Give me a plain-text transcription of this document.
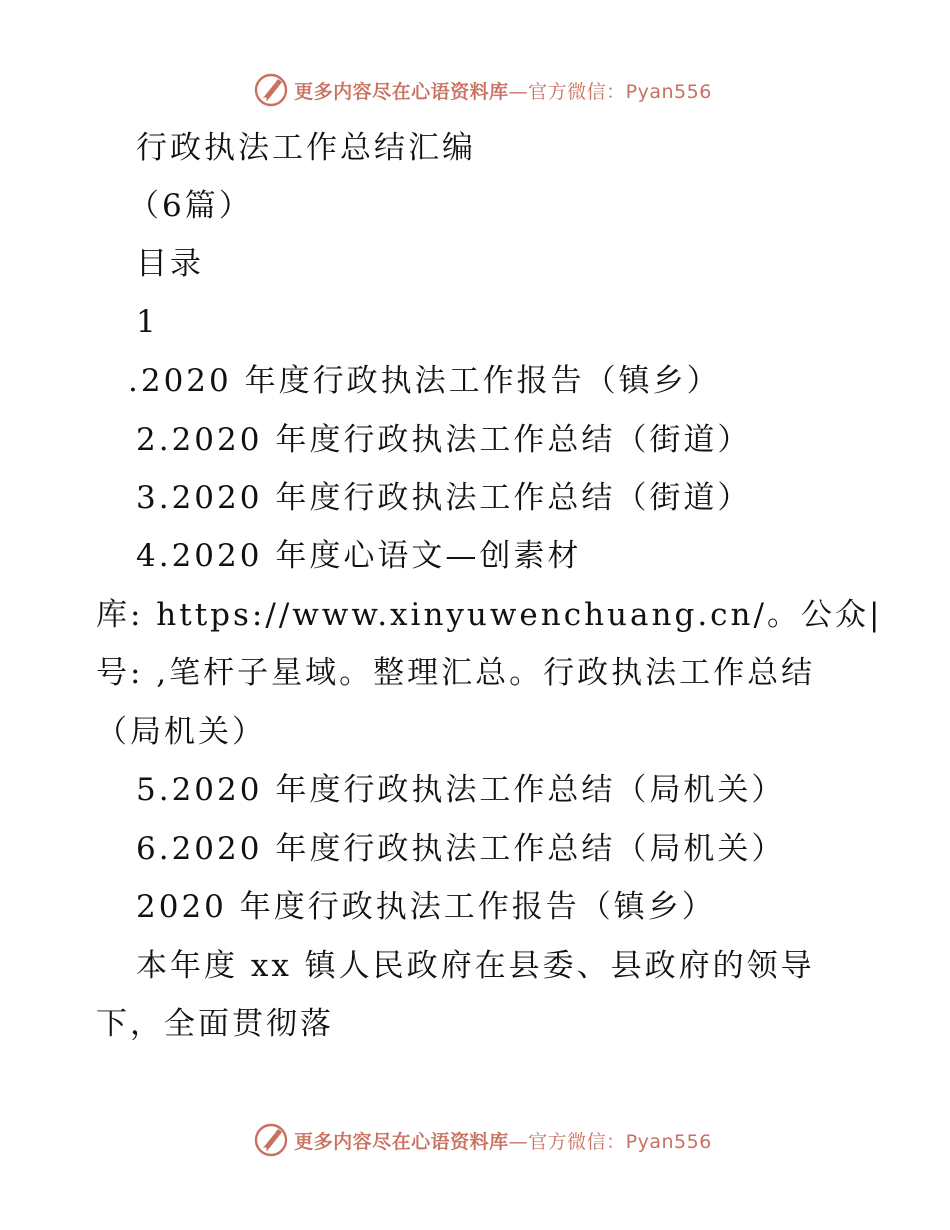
更多内容尽在心语资料库—官方微信：Pyan556
行政执法工作总结汇编
（6篇）
目录
1
.2020 年度行政执法工作报告（镇乡）
2.2020 年度行政执法工作总结（街道）
3.2020 年度行政执法工作总结（街道）
4.2020 年度心语文—创素材
库: https://www.xinyuwenchuang.cn/。公众|
号: ,笔杆子星域。整理汇总。行政执法工作总结
（局机关）
5.2020 年度行政执法工作总结（局机关）
6.2020 年度行政执法工作总结（局机关）
2020 年度行政执法工作报告（镇乡）
本年度 xx 镇人民政府在县委、县政府的领导
下，全面贯彻落
更多内容尽在心语资料库—官方微信：Pyan556
